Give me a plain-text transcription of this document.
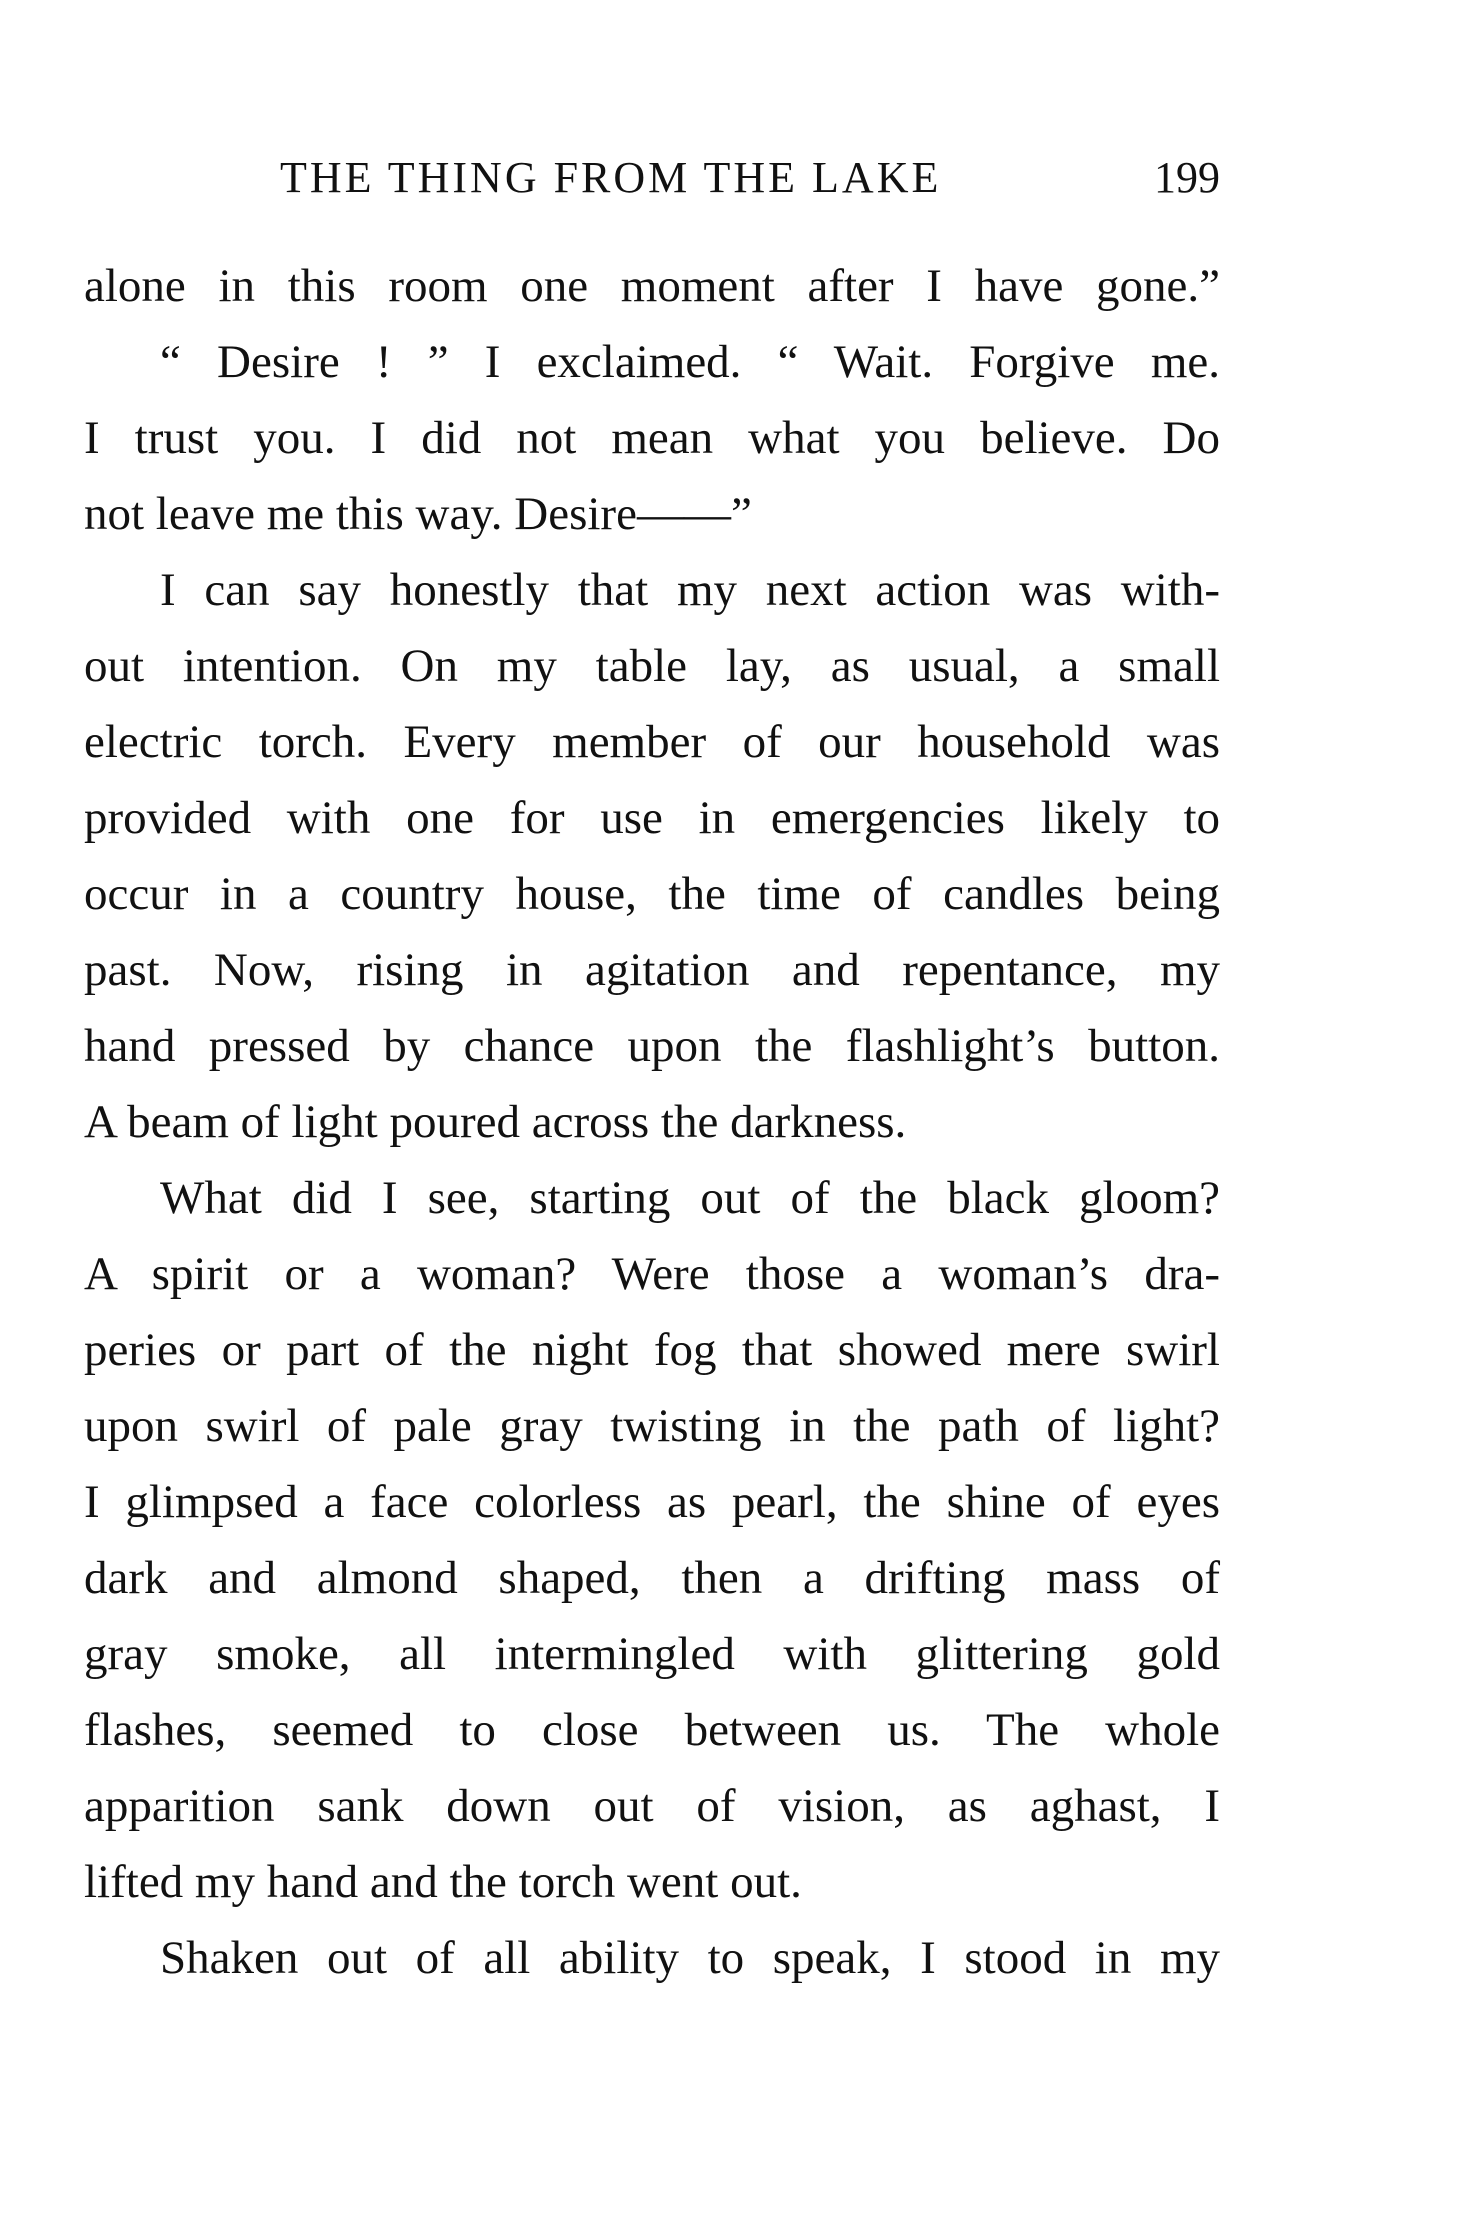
THE THING FROM THE LAKE	199
alone in this room one moment after I have gone.”
“ Desire ! ” I exclaimed. “ Wait. Forgive me.
I trust you. I did not mean what you believe. Do
not leave me this way. Desire——”
I can say honestly that my next action was with-
out intention. On my table lay, as usual, a small
electric torch. Every member of our household was
provided with one for use in emergencies likely to
occur in a country house, the time of candles being
past. Now, rising in agitation and repentance, my
hand pressed by chance upon the flashlight’s button.
A beam of light poured across the darkness.
What did I see, starting out of the black gloom?
A spirit or a woman? Were those a woman’s dra-
peries or part of the night fog that showed mere swirl
upon swirl of pale gray twisting in the path of light?
I glimpsed a face colorless as pearl, the shine of eyes
dark and almond shaped, then a drifting mass of
gray smoke, all intermingled with glittering gold
flashes, seemed to close between us. The whole
apparition sank down out of vision, as aghast, I
lifted my hand and the torch went out.
Shaken out of all ability to speak, I stood in my
